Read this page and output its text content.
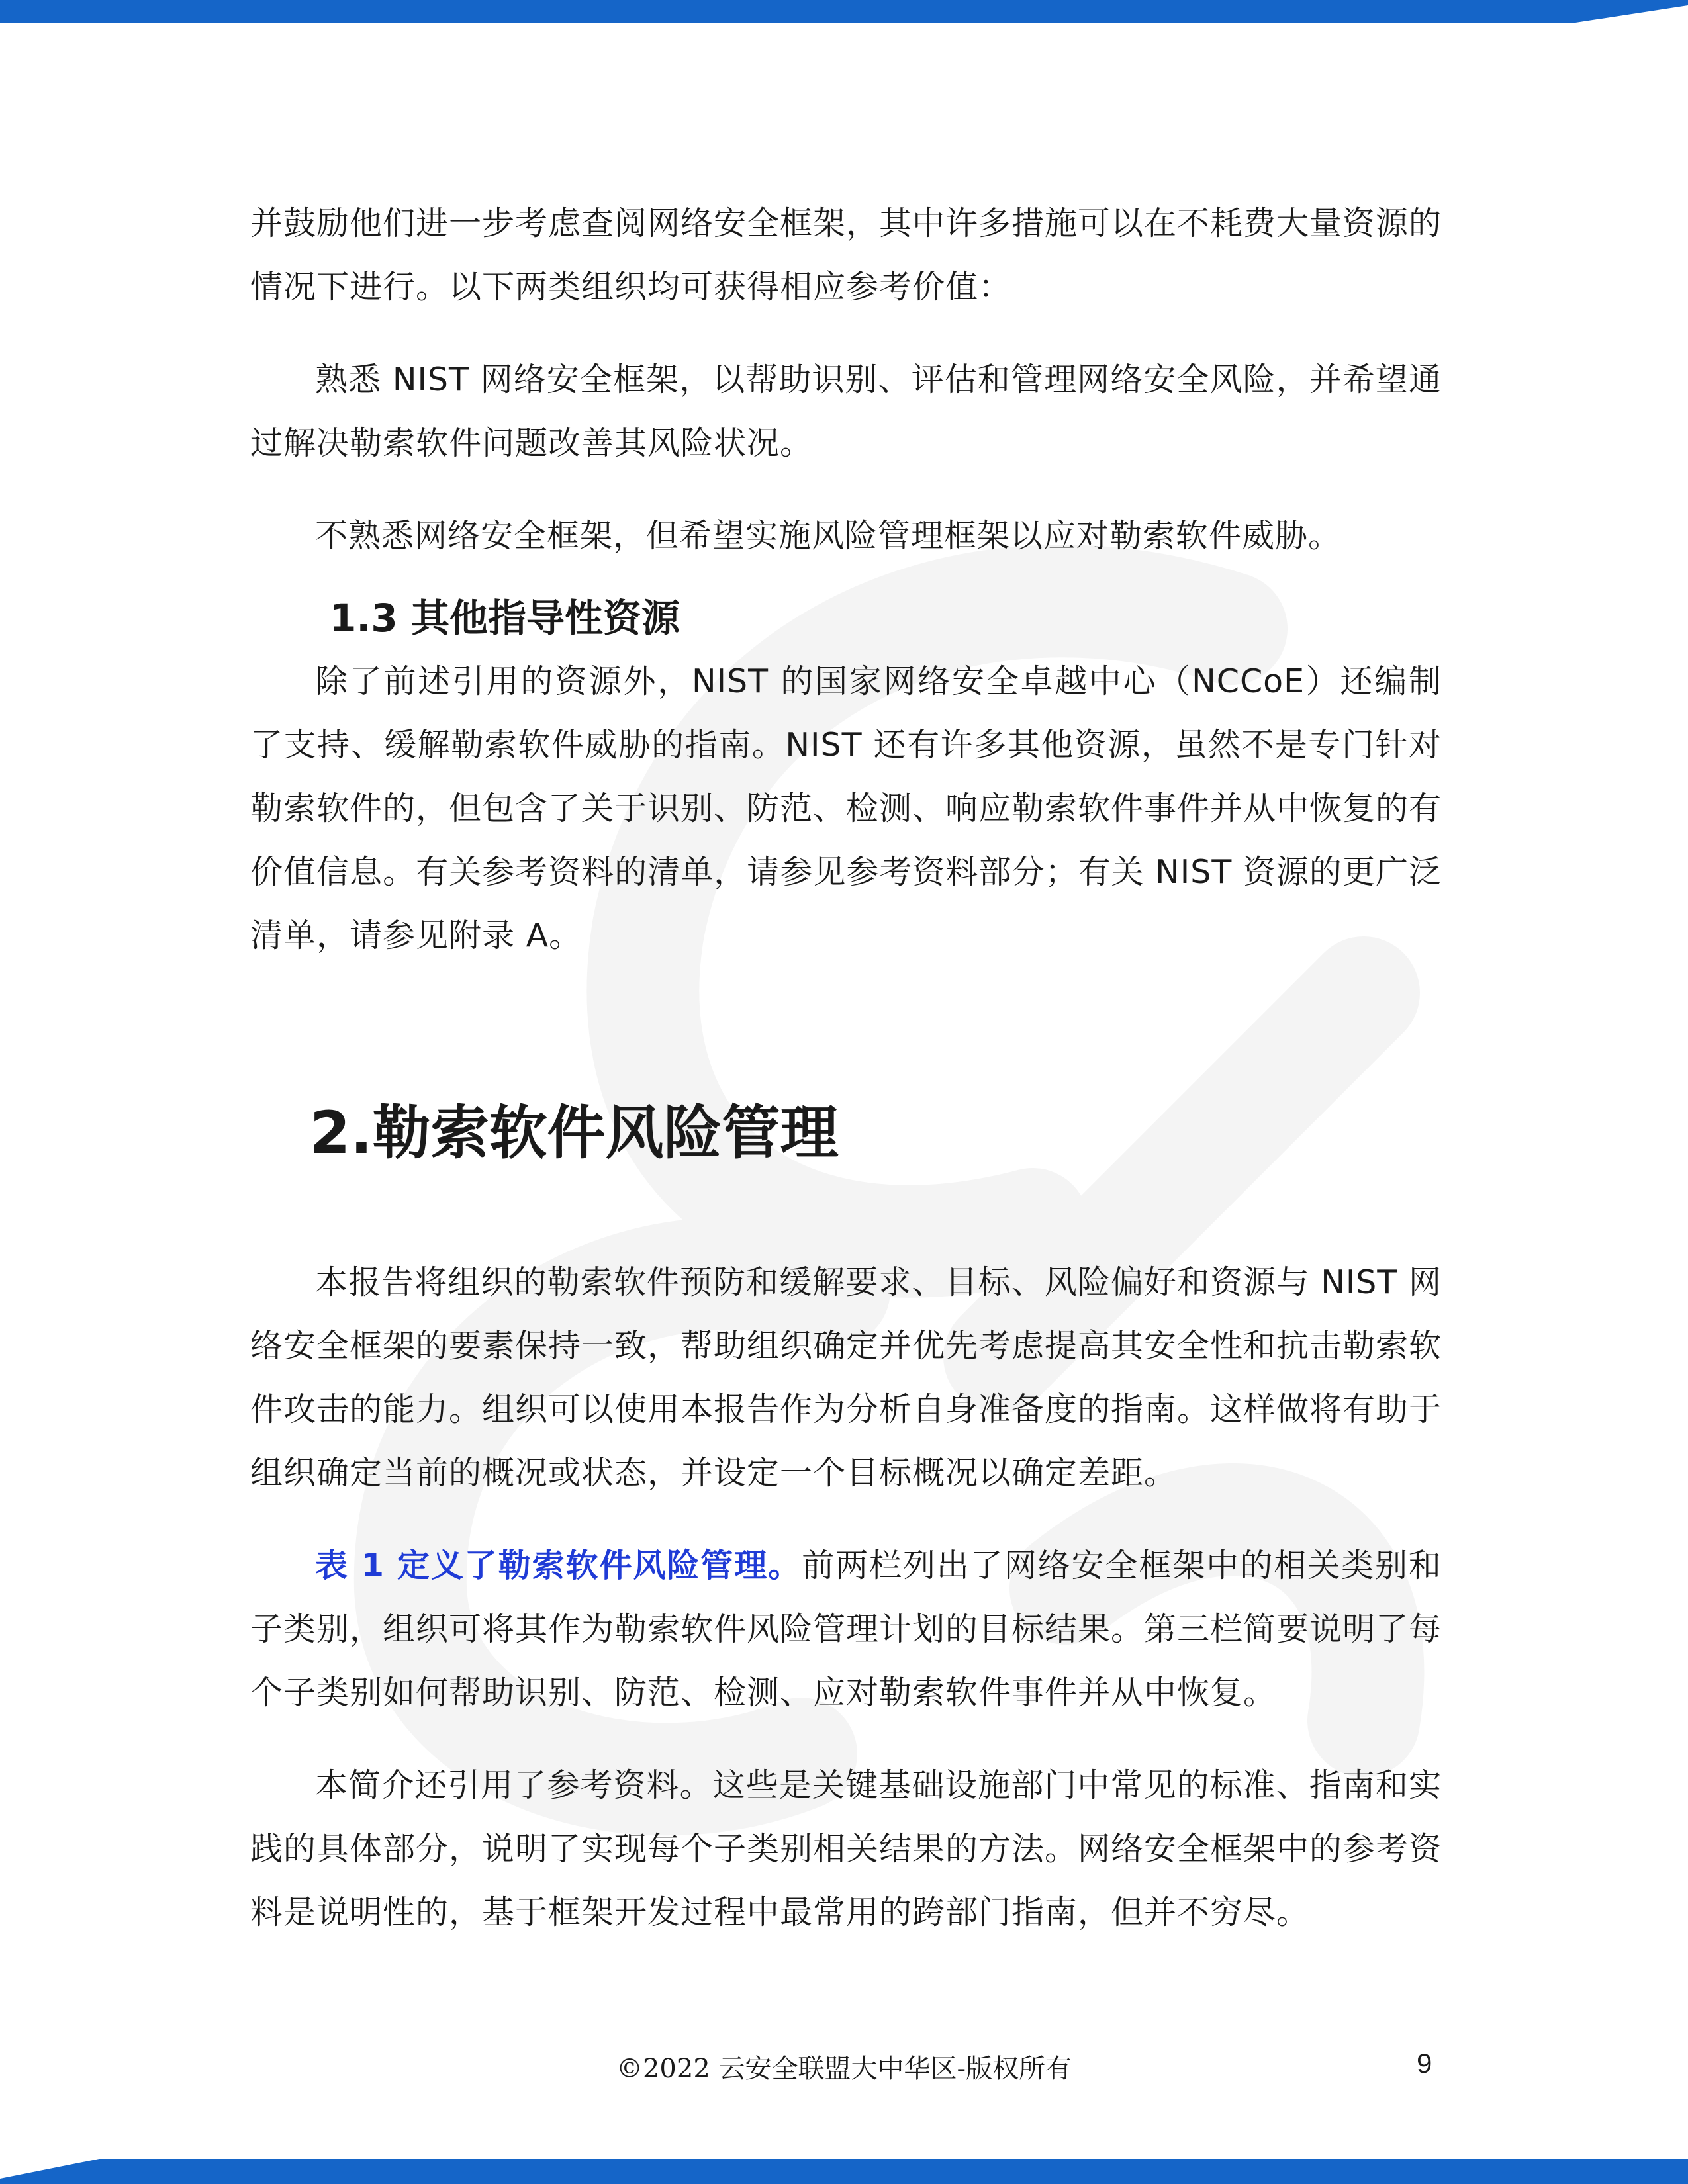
并鼓励他们进一步考虑查阅网络安全框架，其中许多措施可以在不耗费大量资源的情况下进行。以下两类组织均可获得相应参考价值：

熟悉 NIST 网络安全框架，以帮助识别、评估和管理网络安全风险，并希望通过解决勒索软件问题改善其风险状况。

不熟悉网络安全框架，但希望实施风险管理框架以应对勒索软件威胁。

1.3 其他指导性资源

除了前述引用的资源外，NIST 的国家网络安全卓越中心（NCCoE）还编制了支持、缓解勒索软件威胁的指南。NIST 还有许多其他资源，虽然不是专门针对勒索软件的，但包含了关于识别、防范、检测、响应勒索软件事件并从中恢复的有价值信息。有关参考资料的清单，请参见参考资料部分；有关 NIST 资源的更广泛清单，请参见附录 A。

2.勒索软件风险管理

本报告将组织的勒索软件预防和缓解要求、目标、风险偏好和资源与 NIST 网络安全框架的要素保持一致，帮助组织确定并优先考虑提高其安全性和抗击勒索软件攻击的能力。组织可以使用本报告作为分析自身准备度的指南。这样做将有助于组织确定当前的概况或状态，并设定一个目标概况以确定差距。

表 1 定义了勒索软件风险管理。前两栏列出了网络安全框架中的相关类别和子类别，组织可将其作为勒索软件风险管理计划的目标结果。第三栏简要说明了每个子类别如何帮助识别、防范、检测、应对勒索软件事件并从中恢复。

本简介还引用了参考资料。这些是关键基础设施部门中常见的标准、指南和实践的具体部分，说明了实现每个子类别相关结果的方法。网络安全框架中的参考资料是说明性的，基于框架开发过程中最常用的跨部门指南，但并不穷尽。

©2022 云安全联盟大中华区-版权所有	9
